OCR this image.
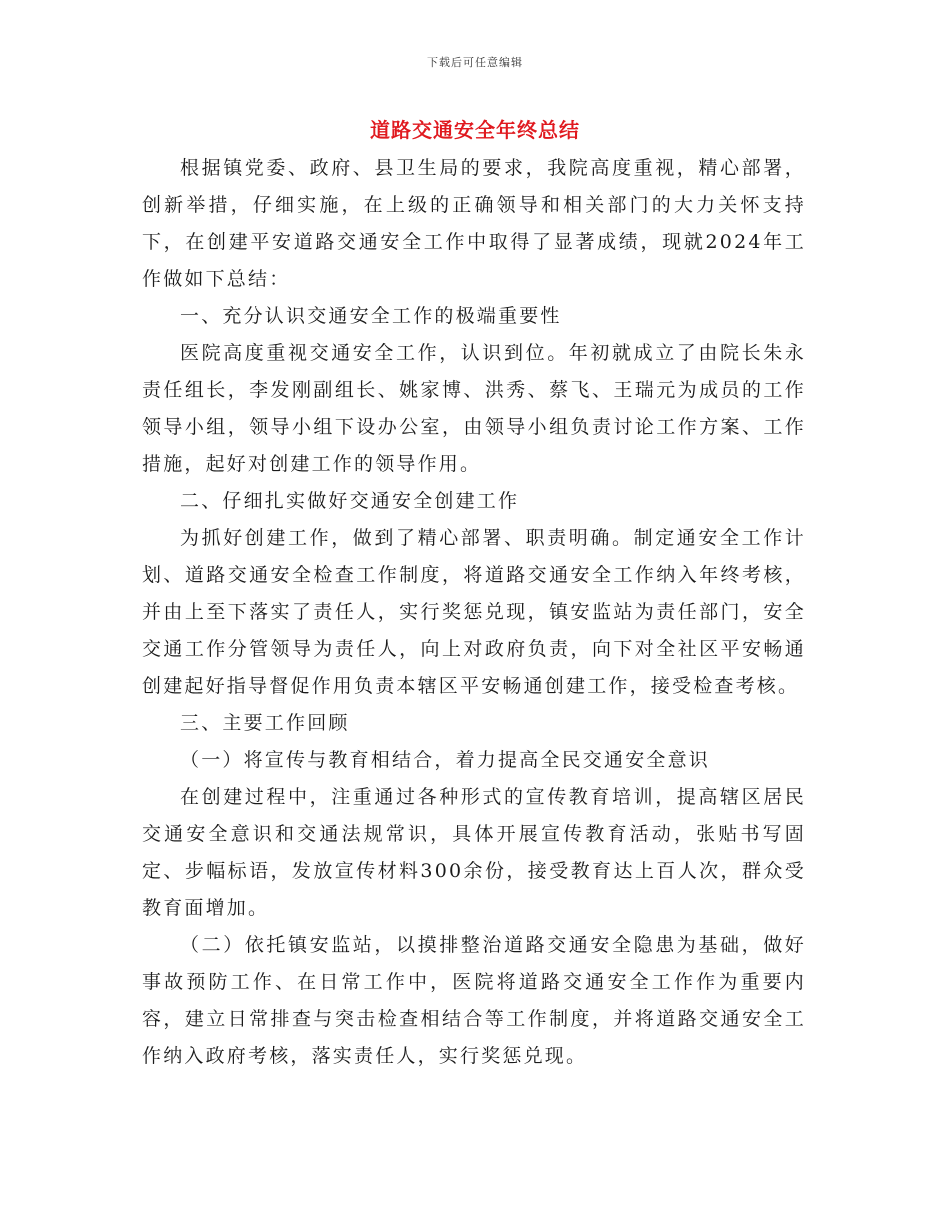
下载后可任意编辑
道路交通安全年终总结

根据镇党委、政府、县卫生局的要求，我院高度重视，精心部署，创新举措，仔细实施，在上级的正确领导和相关部门的大力关怀支持下，在创建平安道路交通安全工作中取得了显著成绩，现就2024年工作做如下总结：

一、充分认识交通安全工作的极端重要性

医院高度重视交通安全工作，认识到位。年初就成立了由院长朱永责任组长，李发刚副组长、姚家博、洪秀、蔡飞、王瑞元为成员的工作领导小组，领导小组下设办公室，由领导小组负责讨论工作方案、工作措施，起好对创建工作的领导作用。

二、仔细扎实做好交通安全创建工作

为抓好创建工作，做到了精心部署、职责明确。制定通安全工作计划、道路交通安全检查工作制度，将道路交通安全工作纳入年终考核，并由上至下落实了责任人，实行奖惩兑现，镇安监站为责任部门，安全交通工作分管领导为责任人，向上对政府负责，向下对全社区平安畅通创建起好指导督促作用负责本辖区平安畅通创建工作，接受检查考核。

三、主要工作回顾

（一）将宣传与教育相结合，着力提高全民交通安全意识

在创建过程中，注重通过各种形式的宣传教育培训，提高辖区居民交通安全意识和交通法规常识，具体开展宣传教育活动，张贴书写固定、步幅标语，发放宣传材料300余份，接受教育达上百人次，群众受教育面增加。

（二）依托镇安监站，以摸排整治道路交通安全隐患为基础，做好事故预防工作、在日常工作中，医院将道路交通安全工作作为重要内容，建立日常排查与突击检查相结合等工作制度，并将道路交通安全工作纳入政府考核，落实责任人，实行奖惩兑现。
